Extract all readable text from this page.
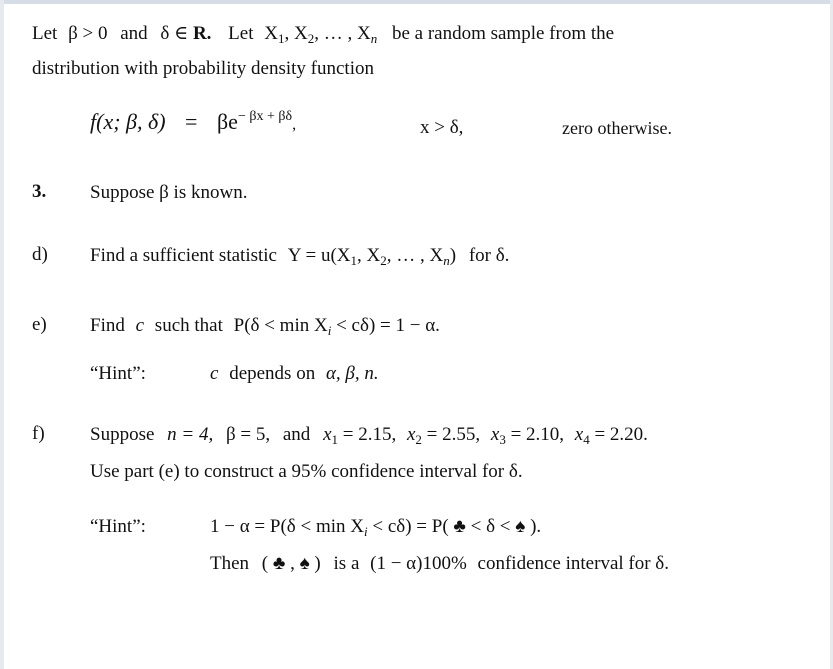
Let β > 0 and δ ∈ R. Let $X_1$, $X_2$, … , $X_n$ be a random sample from the
distribution with probability density function
f(x; β, $\delta) = \beta e^{- \beta x + \beta\delta}$,	x > δ,	zero otherwise.
3. Suppose β is known.
d) Find a sufficient statistic $Y = u(X_1$, $X_2$, … , $X_n$) for δ.
e) Find c such that $P(\delta < \min X_i < c\delta) = 1 - \alpha$.
“Hint”:	c depends on α, β, n.
f) Suppose n = 4, β = 5, and $x_1 = 2.15$, $x_2 = 2.55$, $x_3 = 2.10$, $x_4 = 2.20$.
Use part (e) to construct a 95% confidence interval for δ.
“Hint”:	$1 - \alpha = P(\delta < \min X_i < c\delta) = P$( ♣ < δ < ♠ ).
Then ( ♣ , ♠ ) is a (1 − α)100% confidence interval for δ.
